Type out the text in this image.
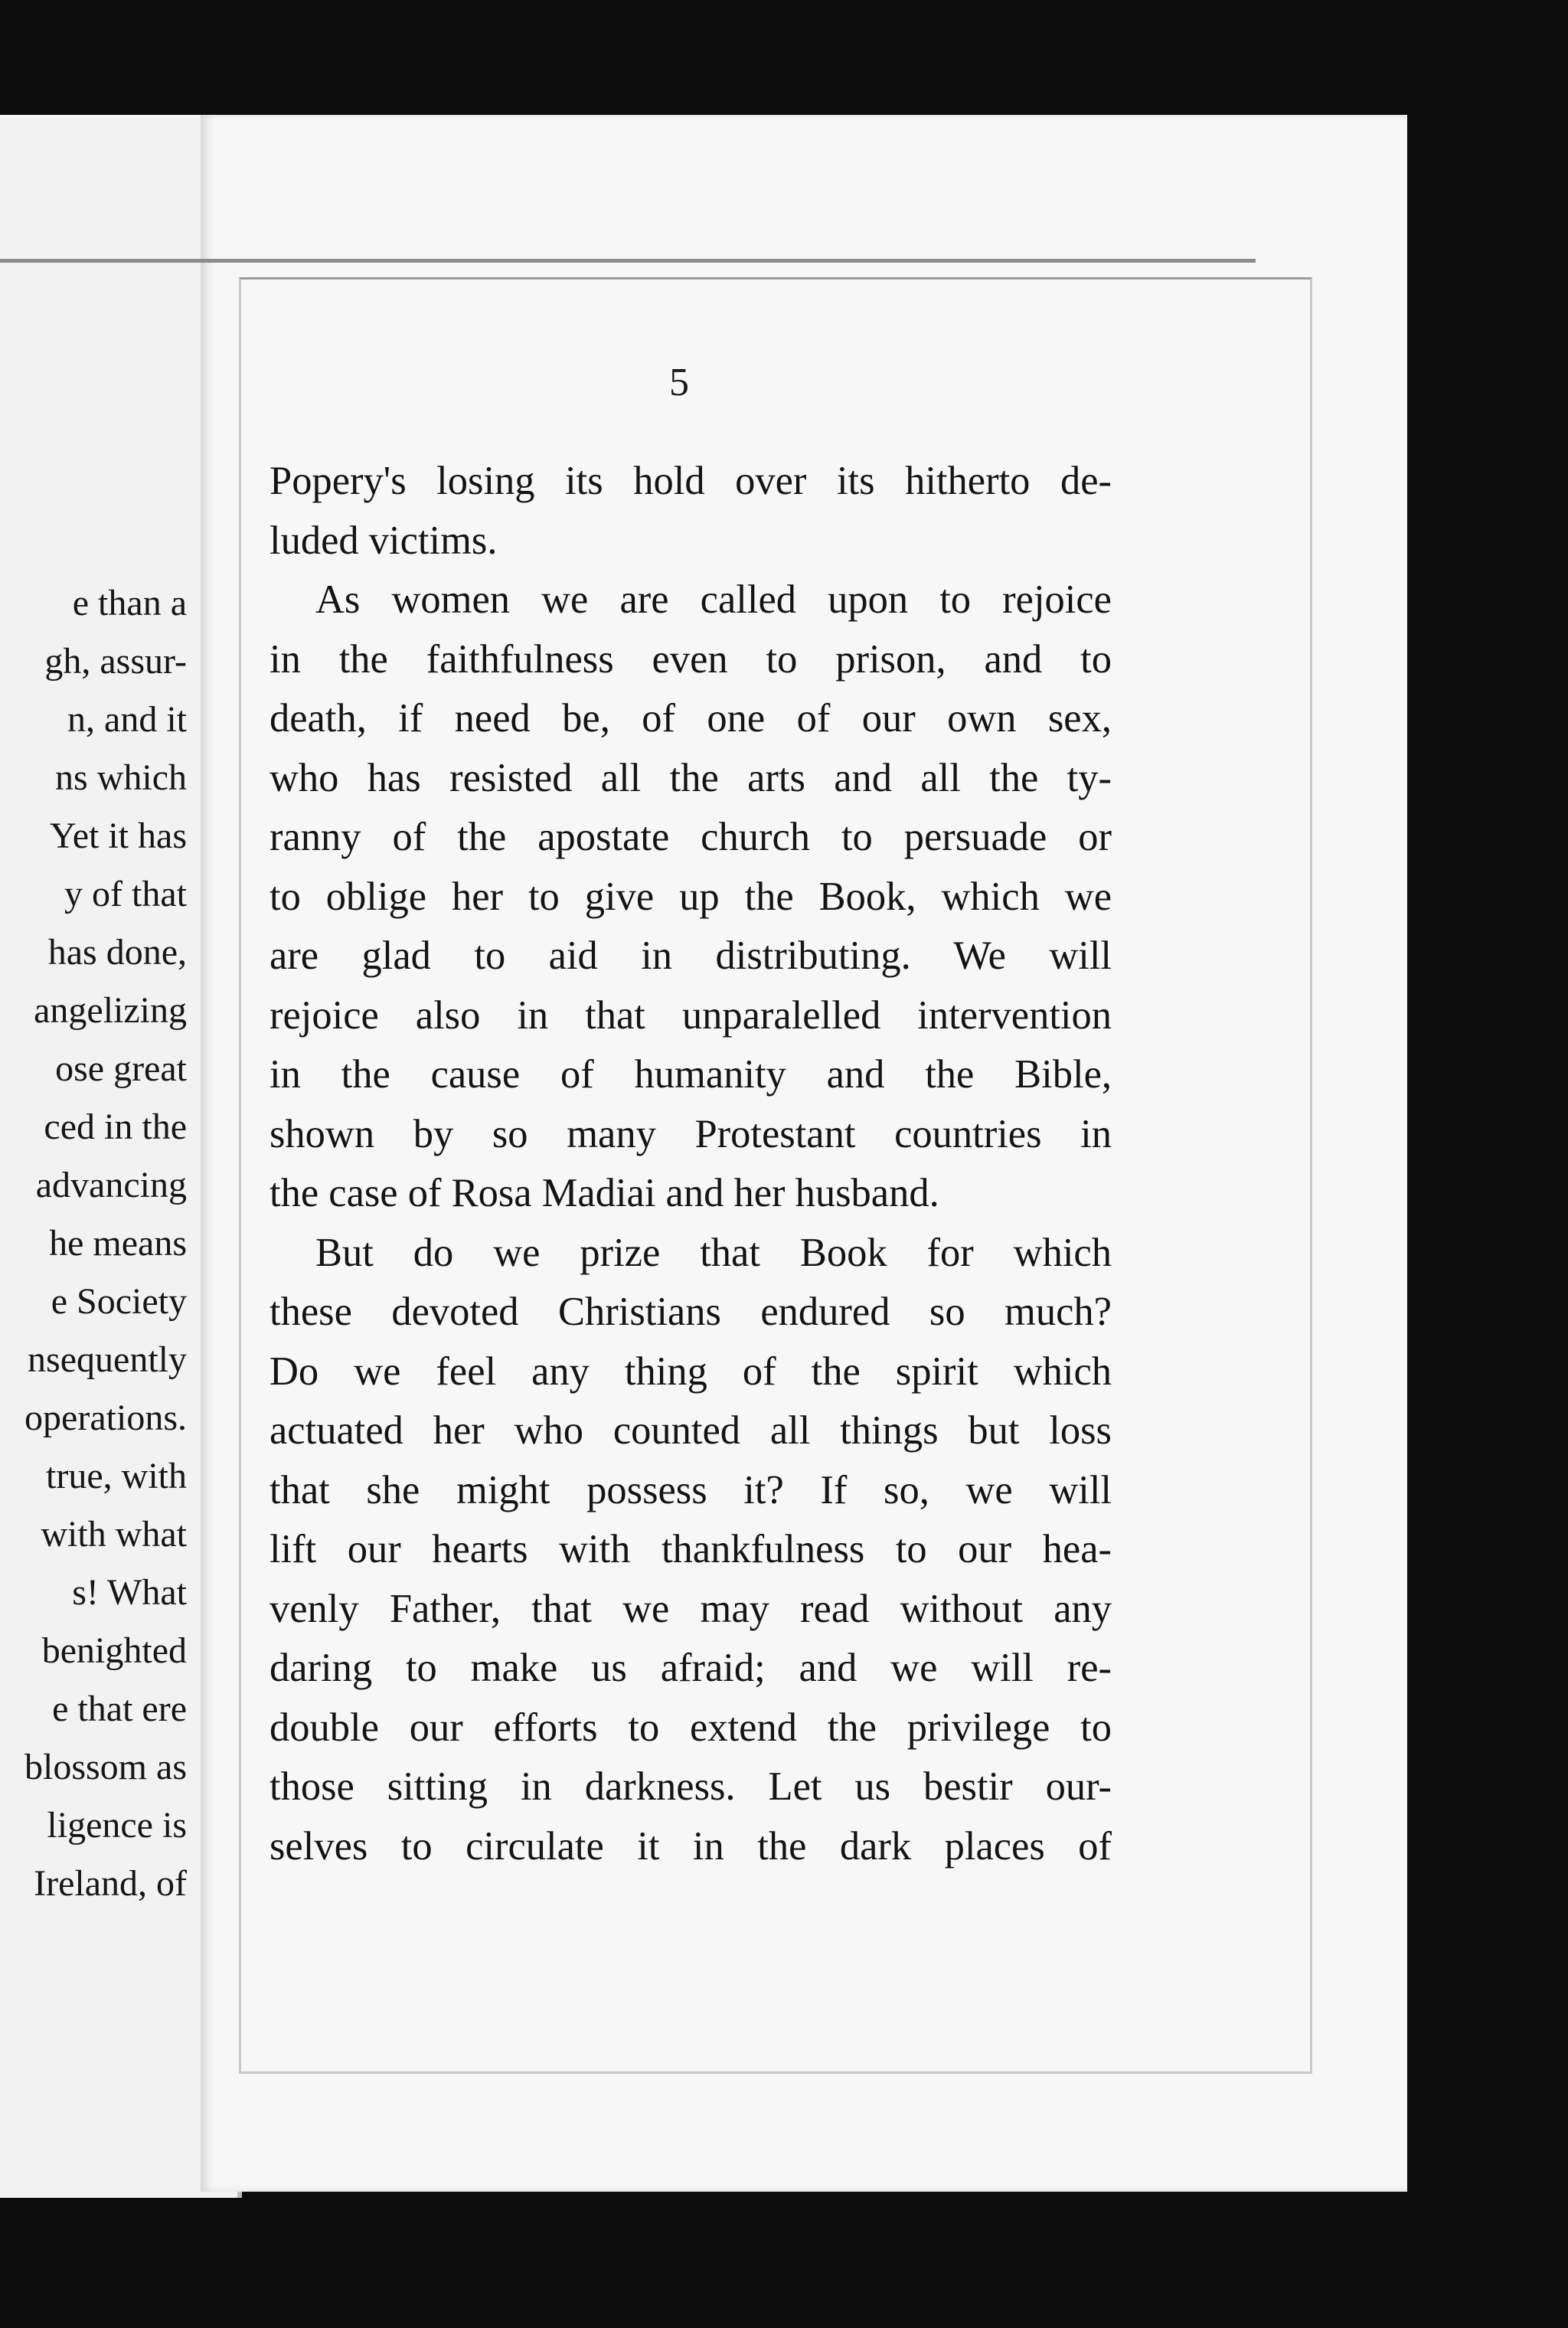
e than a
gh, assur-
n, and it
ns which
Yet it has
y of that
has done,
angelizing
ose great
ced in the
advancing
he means
e Society
nsequently
operations.
true, with
with what
s! What
benighted
e that ere
blossom as
ligence is
Ireland, of
5
Popery's losing its hold over its hitherto de-
luded victims.
As women we are called upon to rejoice
in the faithfulness even to prison, and to
death, if need be, of one of our own sex,
who has resisted all the arts and all the ty-
ranny of the apostate church to persuade or
to oblige her to give up the Book, which we
are glad to aid in distributing. We will
rejoice also in that unparalelled intervention
in the cause of humanity and the Bible,
shown by so many Protestant countries in
the case of Rosa Madiai and her husband.
But do we prize that Book for which
these devoted Christians endured so much?
Do we feel any thing of the spirit which
actuated her who counted all things but loss
that she might possess it? If so, we will
lift our hearts with thankfulness to our hea-
venly Father, that we may read without any
daring to make us afraid; and we will re-
double our efforts to extend the privilege to
those sitting in darkness. Let us bestir our-
selves to circulate it in the dark places of
